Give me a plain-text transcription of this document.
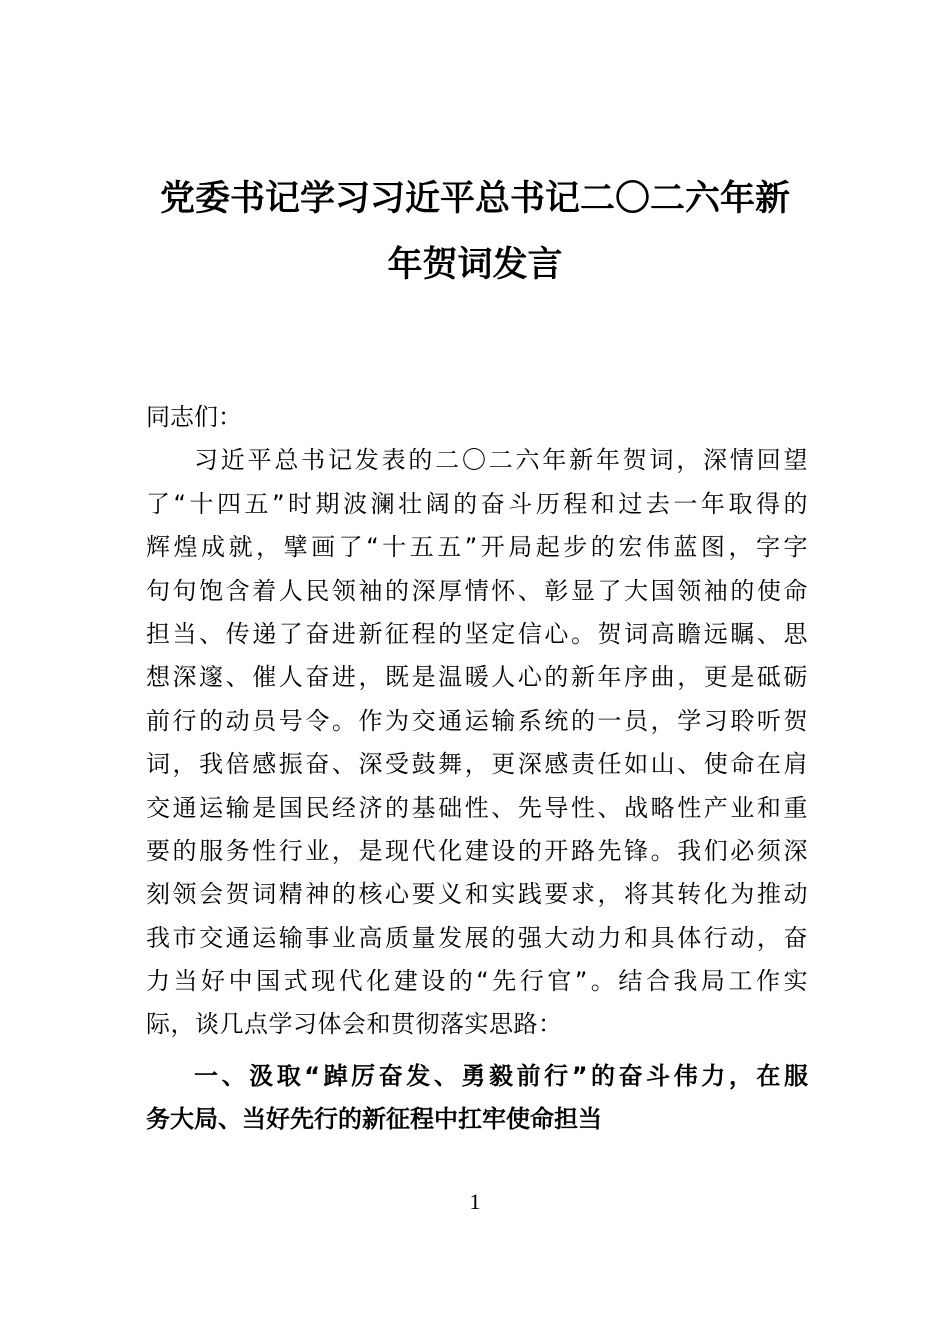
党委书记学习习近平总书记二〇二六年新
年贺词发言
同志们：
习近平总书记发表的二〇二六年新年贺词，深情回望
了“十四五”时期波澜壮阔的奋斗历程和过去一年取得的
辉煌成就，擘画了“十五五”开局起步的宏伟蓝图，字字
句句饱含着人民领袖的深厚情怀、彰显了大国领袖的使命
担当、传递了奋进新征程的坚定信心。贺词高瞻远瞩、思
想深邃、催人奋进，既是温暖人心的新年序曲，更是砥砺
前行的动员号令。作为交通运输系统的一员，学习聆听贺
词，我倍感振奋、深受鼓舞，更深感责任如山、使命在肩
交通运输是国民经济的基础性、先导性、战略性产业和重
要的服务性行业，是现代化建设的开路先锋。我们必须深
刻领会贺词精神的核心要义和实践要求，将其转化为推动
我市交通运输事业高质量发展的强大动力和具体行动，奋
力当好中国式现代化建设的“先行官”。结合我局工作实
际，谈几点学习体会和贯彻落实思路：
一、汲取“踔厉奋发、勇毅前行”的奋斗伟力，在服
务大局、当好先行的新征程中扛牢使命担当
1
